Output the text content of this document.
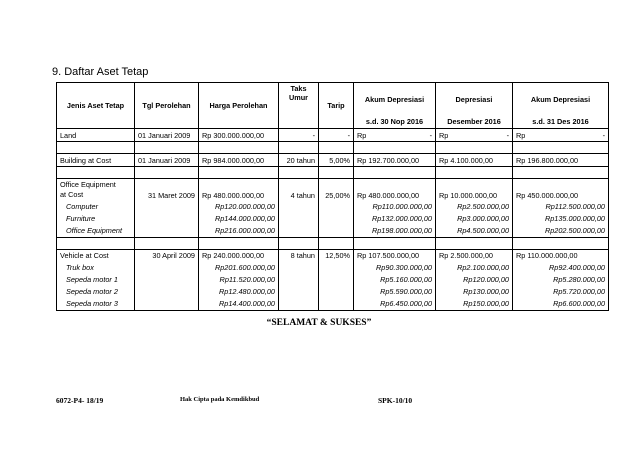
9. Daftar Aset Tetap
Jenis Aset Tetap	Tgl Perolehan	Harga Perolehan	Taks Umur	Tarip	Akum Depresiasi	Depresiasi	Akum Depresiasi
					s.d. 30 Nop 2016	Desember 2016	s.d. 31 Des 2016
Land	01 Januari 2009	Rp 300.000.000,00	-	-	Rp -	Rp -	Rp -

Building at Cost	01 Januari 2009	Rp 984.000.000,00	20 tahun	5,00%	Rp 192.700.000,00	Rp 4.100.000,00	Rp 196.800.000,00

Office Equipment
at Cost	31 Maret 2009	Rp 480.000.000,00	4 tahun	25,00%	Rp 480.000.000,00	Rp 10.000.000,00	Rp 450.000.000,00
Computer		Rp120.000.000,00			Rp110.000.000,00	Rp2.500.000,00	Rp112.500.000,00
Furniture		Rp144.000.000,00			Rp132.000.000,00	Rp3.000.000,00	Rp135.000.000,00
Office Equipment		Rp216.000.000,00			Rp198.000.000,00	Rp4.500.000,00	Rp202.500.000,00

Vehicle at Cost	30 April 2009	Rp 240.000.000,00	8 tahun	12,50%	Rp 107.500.000,00	Rp 2.500.000,00	Rp 110.000.000,00
Truk box		Rp201.600.000,00			Rp90.300.000,00	Rp2.100.000,00	Rp92.400.000,00
Sepeda motor 1		Rp11.520.000,00			Rp5.160.000,00	Rp120.000,00	Rp5.280.000,00
Sepeda motor 2		Rp12.480.000,00			Rp5.590.000,00	Rp130.000,00	Rp5.720.000,00
Sepeda motor 3		Rp14.400.000,00			Rp6.450.000,00	Rp150.000,00	Rp6.600.000,00
“SELAMAT & SUKSES”
6072-P4- 18/19	Hak Cipta pada Kemdikbud	SPK-10/10
